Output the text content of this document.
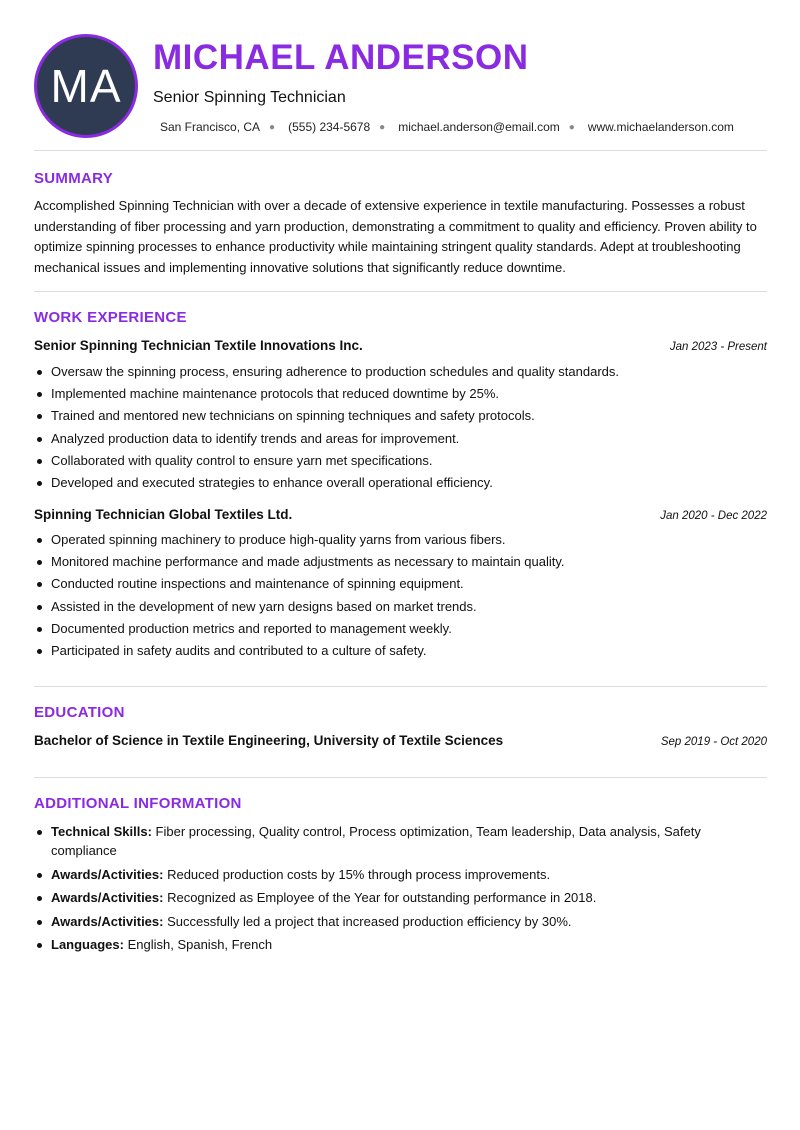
MA
MICHAEL ANDERSON
Senior Spinning Technician
San Francisco, CA ● (555) 234-5678 ● michael.anderson@email.com ● www.michaelanderson.com
SUMMARY

Accomplished Spinning Technician with over a decade of extensive experience in textile manufacturing. Possesses a robust understanding of fiber processing and yarn production, demonstrating a commitment to quality and efficiency. Proven ability to optimize spinning processes to enhance productivity while maintaining stringent quality standards. Adept at troubleshooting mechanical issues and implementing innovative solutions that significantly reduce downtime.

WORK EXPERIENCE
Senior Spinning Technician Textile Innovations Inc.	Jan 2023 - Present
Oversaw the spinning process, ensuring adherence to production schedules and quality standards.
Implemented machine maintenance protocols that reduced downtime by 25%.
Trained and mentored new technicians on spinning techniques and safety protocols.
Analyzed production data to identify trends and areas for improvement.
Collaborated with quality control to ensure yarn met specifications.
Developed and executed strategies to enhance overall operational efficiency.
Spinning Technician Global Textiles Ltd.	Jan 2020 - Dec 2022
Operated spinning machinery to produce high-quality yarns from various fibers.
Monitored machine performance and made adjustments as necessary to maintain quality.
Conducted routine inspections and maintenance of spinning equipment.
Assisted in the development of new yarn designs based on market trends.
Documented production metrics and reported to management weekly.
Participated in safety audits and contributed to a culture of safety.
EDUCATION
Bachelor of Science in Textile Engineering, University of Textile Sciences	Sep 2019 - Oct 2020
ADDITIONAL INFORMATION
Technical Skills: Fiber processing, Quality control, Process optimization, Team leadership, Data analysis, Safety compliance
Awards/Activities: Reduced production costs by 15% through process improvements.
Awards/Activities: Recognized as Employee of the Year for outstanding performance in 2018.
Awards/Activities: Successfully led a project that increased production efficiency by 30%.
Languages: English, Spanish, French
